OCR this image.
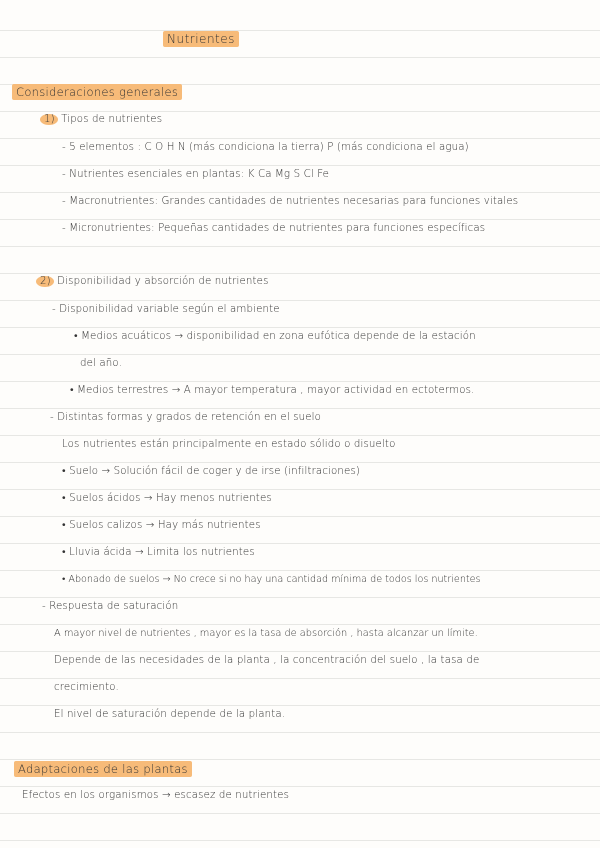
Nutrientes
Consideraciones generales
1) Tipos de nutrientes
- 5 elementos : C O H N (más condiciona la tierra) P (más condiciona el agua)
- Nutrientes esenciales en plantas: K Ca Mg S Cl Fe
- Macronutrientes: Grandes cantidades de nutrientes necesarias para funciones vitales
- Micronutrientes: Pequeñas cantidades de nutrientes para funciones específicas
2) Disponibilidad y absorción de nutrientes
- Disponibilidad variable según el ambiente
• Medios acuáticos → disponibilidad en zona eufótica depende de la estación
del año.
• Medios terrestres → A mayor temperatura , mayor actividad en ectotermos.
- Distintas formas y grados de retención en el suelo
Los nutrientes están principalmente en estado sólido o disuelto
• Suelo → Solución fácil de coger y de irse (infiltraciones)
• Suelos ácidos → Hay menos nutrientes
• Suelos calizos → Hay más nutrientes
• Lluvia ácida → Limita los nutrientes
• Abonado de suelos → No crece si no hay una cantidad mínima de todos los nutrientes
- Respuesta de saturación
A mayor nivel de nutrientes , mayor es la tasa de absorción , hasta alcanzar un límite.
Depende de las necesidades de la planta , la concentración del suelo , la tasa de
crecimiento.
El nivel de saturación depende de la planta.
Adaptaciones de las plantas
Efectos en los organismos → escasez de nutrientes
